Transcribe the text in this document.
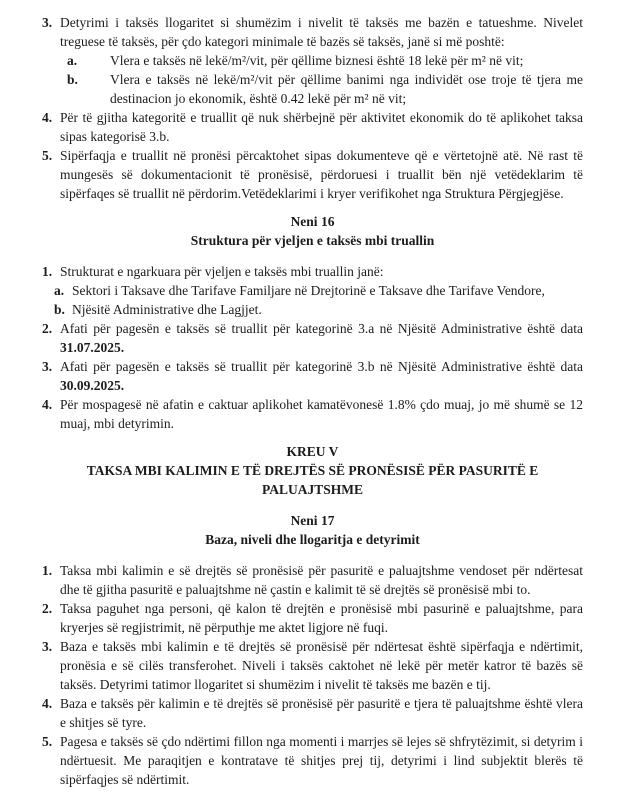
3. Detyrimi i taksës llogaritet si shumëzim i nivelit të taksës me bazën e tatueshme. Nivelet treguese të taksës, për çdo kategori minimale të bazës së taksës, janë si më poshtë:
a.	Vlera e taksës në lekë/m²/vit, për qëllime biznesi është 18 lekë për m² në vit;
b.	Vlera e taksës në lekë/m²/vit për qëllime banimi nga individët ose troje të tjera me destinacion jo ekonomik, është 0.42 lekë për m² në vit;
4. Për të gjitha kategoritë e truallit që nuk shërbejnë për aktivitet ekonomik do të aplikohet taksa sipas kategorisë 3.b.
5. Sipërfaqja e truallit në pronësi përcaktohet sipas dokumenteve që e vërtetojnë atë. Në rast të mungesës së dokumentacionit të pronësisë, përdoruesi i truallit bën një vetëdeklarim të sipërfaqes së truallit në përdorim.Vetëdeklarimi i kryer verifikohet nga Struktura Përgjegjëse.
Neni 16
Struktura për vjeljen e taksës mbi truallin
1. Strukturat e ngarkuara për vjeljen e taksës mbi truallin janë:
a. Sektori i Taksave dhe Tarifave Familjare në Drejtorinë e Taksave dhe Tarifave Vendore,
b. Njësitë Administrative dhe Lagjjet.
2. Afati për pagesën e taksës së truallit për kategorinë 3.a në Njësitë Administrative është data 31.07.2025.
3. Afati për pagesën e taksës së truallit për kategorinë 3.b në Njësitë Administrative është data 30.09.2025.
4. Për mospagesë në afatin e caktuar aplikohet kamatëvonesë 1.8% çdo muaj, jo më shumë se 12 muaj, mbi detyrimin.
KREU V
TAKSA MBI KALIMIN E TË DREJTËS SË PRONËSISË PËR PASURITË E PALUAJTSHME
Neni 17
Baza, niveli dhe llogaritja e detyrimit
1. Taksa mbi kalimin e së drejtës së pronësisë për pasuritë e paluajtshme vendoset për ndërtesat dhe të gjitha pasuritë e paluajtshme në çastin e kalimit të së drejtës së pronësisë mbi to.
2. Taksa paguhet nga personi, që kalon të drejtën e pronësisë mbi pasurinë e paluajtshme, para kryerjes së regjistrimit, në përputhje me aktet ligjore në fuqi.
3. Baza e taksës mbi kalimin e të drejtës së pronësisë për ndërtesat është sipërfaqja e ndërtimit, pronësia e së cilës transferohet. Niveli i taksës caktohet në lekë për metër katror të bazës së taksës. Detyrimi tatimor llogaritet si shumëzim i nivelit të taksës me bazën e tij.
4. Baza e taksës për kalimin e të drejtës së pronësisë për pasuritë e tjera të paluajtshme është vlera e shitjes së tyre.
5. Pagesa e taksës së çdo ndërtimi fillon nga momenti i marrjes së lejes së shfrytëzimit, si detyrim i ndërtuesit. Me paraqitjen e kontratave të shitjes prej tij, detyrimi i lind subjektit blerës të sipërfaqjes së ndërtimit.
